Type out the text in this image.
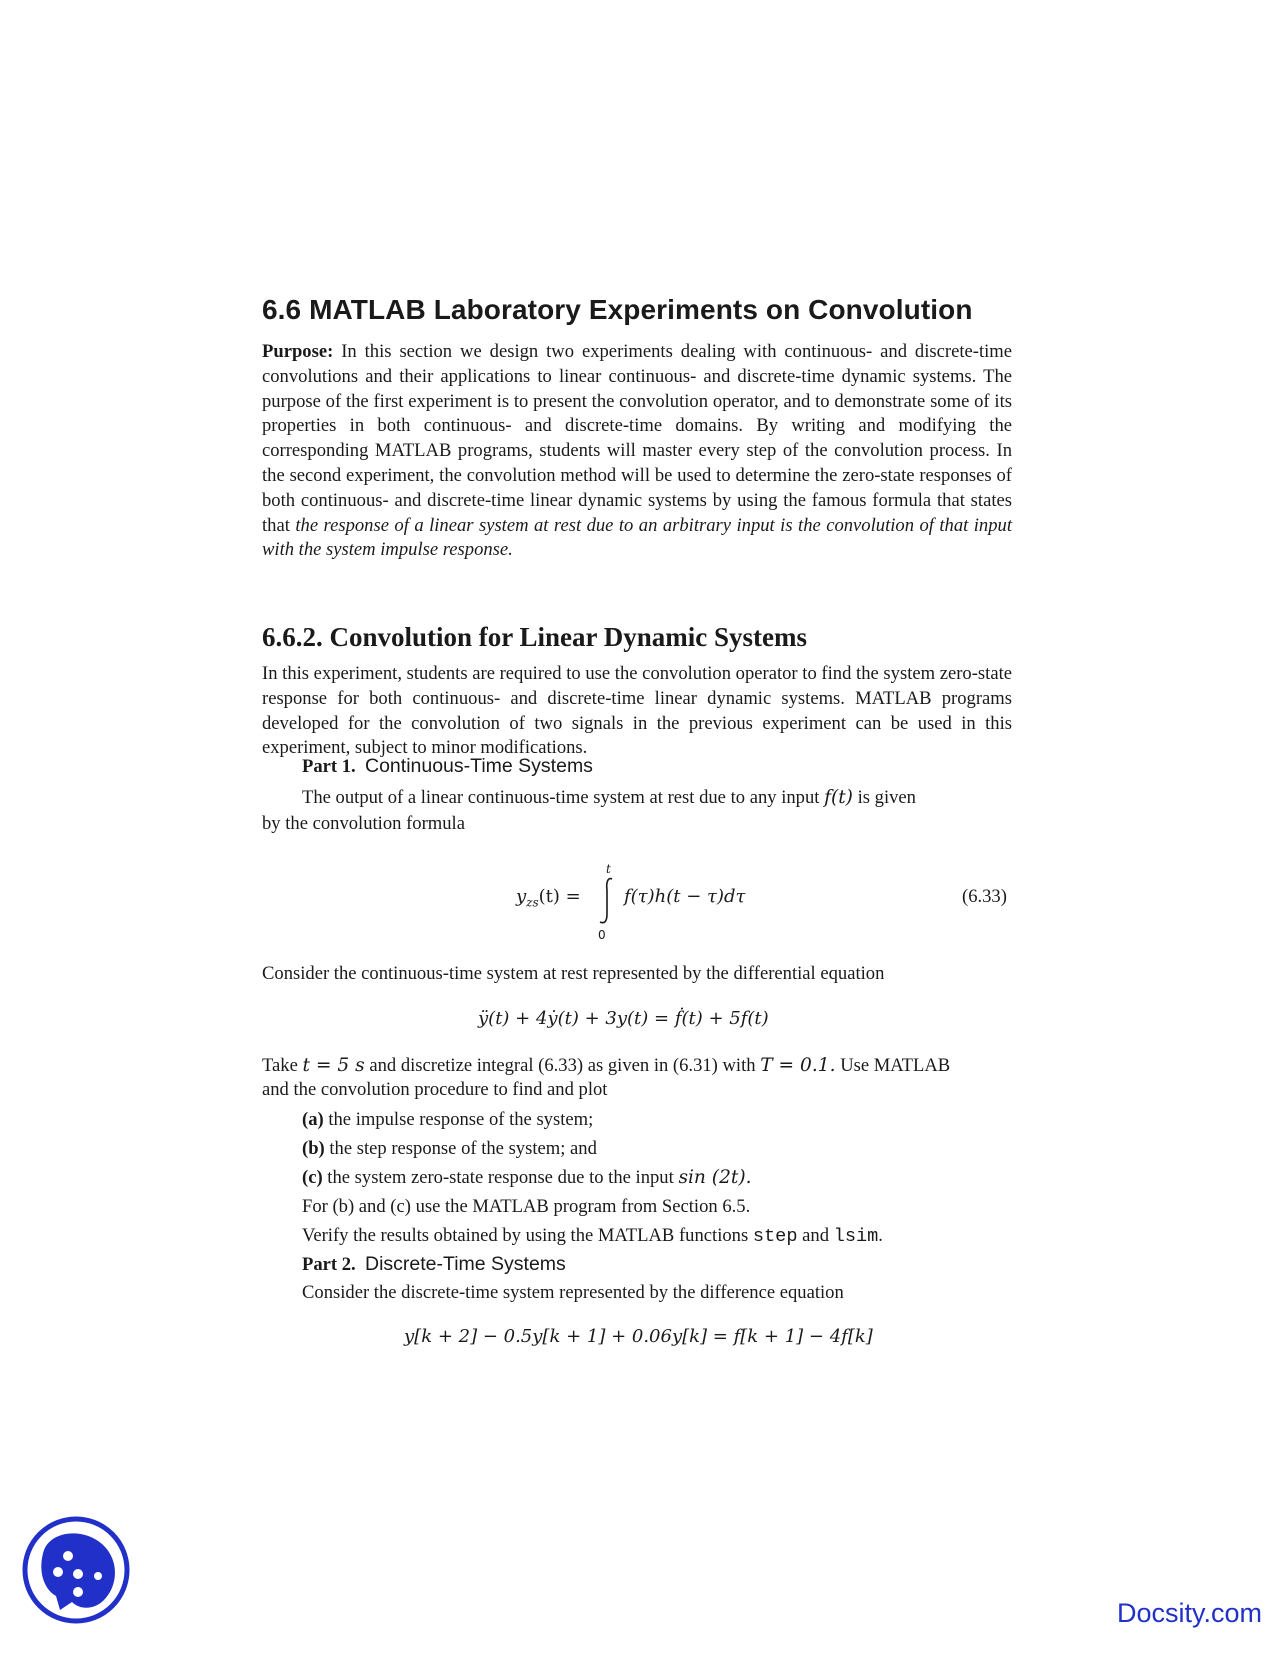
6.6 MATLAB Laboratory Experiments on Convolution

Purpose: In this section we design two experiments dealing with continuous- and discrete-time convolutions and their applications to linear continuous- and discrete-time dynamic systems. The purpose of the first experiment is to present the convolution operator, and to demonstrate some of its properties in both continuous- and discrete-time domains. By writing and modifying the corresponding MATLAB programs, students will master every step of the convolution process. In the second experiment, the convolution method will be used to determine the zero-state responses of both continuous- and discrete-time linear dynamic systems by using the famous formula that states that the response of a linear system at rest due to an arbitrary input is the convolution of that input with the system impulse response.

6.6.2. Convolution for Linear Dynamic Systems

In this experiment, students are required to use the convolution operator to find the system zero-state response for both continuous- and discrete-time linear dynamic systems. MATLAB programs developed for the convolution of two signals in the previous experiment can be used in this experiment, subject to minor modifications.

Part 1. Continuous-Time Systems
The output of a linear continuous-time system at rest due to any input f(t) is given
by the convolution formula
$y_{zs}(t)$ =
t
0
f(τ)h(t − τ)dτ	(6.33)
Consider the continuous-time system at rest represented by the differential equation
ÿ(t) + 4ẏ(t) + 3y(t) = ḟ(t) + 5f(t)
Take t = 5 s and discretize integral (6.33) as given in (6.31) with T = 0.1. Use MATLAB
and the convolution procedure to find and plot
(a) the impulse response of the system;
(b) the step response of the system; and
(c) the system zero-state response due to the input sin (2t).
For (b) and (c) use the MATLAB program from Section 6.5.
Verify the results obtained by using the MATLAB functions step and lsim.
Part 2. Discrete-Time Systems
Consider the discrete-time system represented by the difference equation
y[k + 2] − 0.5y[k + 1] + 0.06y[k] = f[k + 1] − 4f[k]
Docsity.com
